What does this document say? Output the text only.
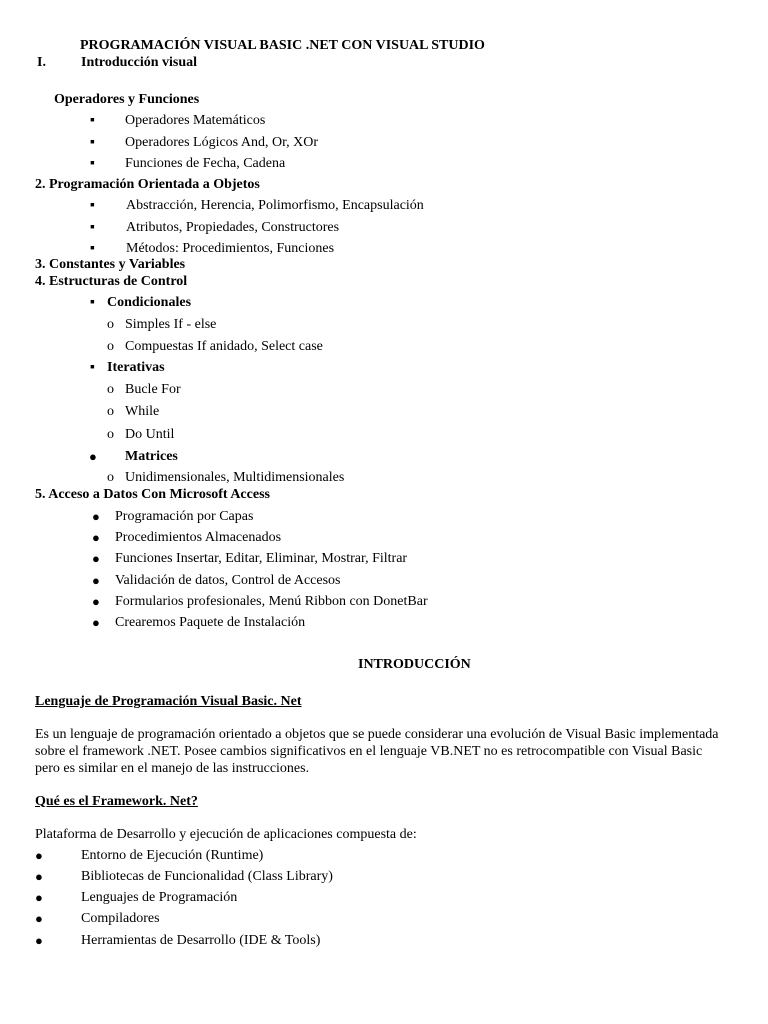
PROGRAMACIÓN VISUAL BASIC .NET CON VISUAL STUDIO

I.	Introducción visual

Operadores y Funciones

▪ Operadores Matemáticos

▪ Operadores Lógicos And, Or, XOr

▪ Funciones de Fecha, Cadena

2. Programación Orientada a Objetos

▪ Abstracción, Herencia, Polimorfismo, Encapsulación

▪ Atributos, Propiedades, Constructores

▪ Métodos: Procedimientos, Funciones

3. Constantes y Variables

4. Estructuras de Control

▪ Condicionales

o Simples If - else

o Compuestas If anidado, Select case

▪ Iterativas

o Bucle For

o While

o Do Until

● Matrices

o Unidimensionales, Multidimensionales

5. Acceso a Datos Con Microsoft Access

● Programación por Capas

● Procedimientos Almacenados

● Funciones Insertar, Editar, Eliminar, Mostrar, Filtrar

● Validación de datos, Control de Accesos

● Formularios profesionales, Menú Ribbon con DonetBar

● Crearemos Paquete de Instalación

INTRODUCCIÓN

Lenguaje de Programación Visual Basic. Net

Es un lenguaje de programación orientado a objetos que se puede considerar una evolución de Visual Basic implementada sobre el framework .NET. Posee cambios significativos en el lenguaje VB.NET no es retrocompatible con Visual Basic pero es similar en el manejo de las instrucciones.

Qué es el Framework. Net?

Plataforma de Desarrollo y ejecución de aplicaciones compuesta de:

●	Entorno de Ejecución (Runtime)

●	Bibliotecas de Funcionalidad (Class Library)

●	Lenguajes de Programación

●	Compiladores

●	Herramientas de Desarrollo (IDE & Tools)
